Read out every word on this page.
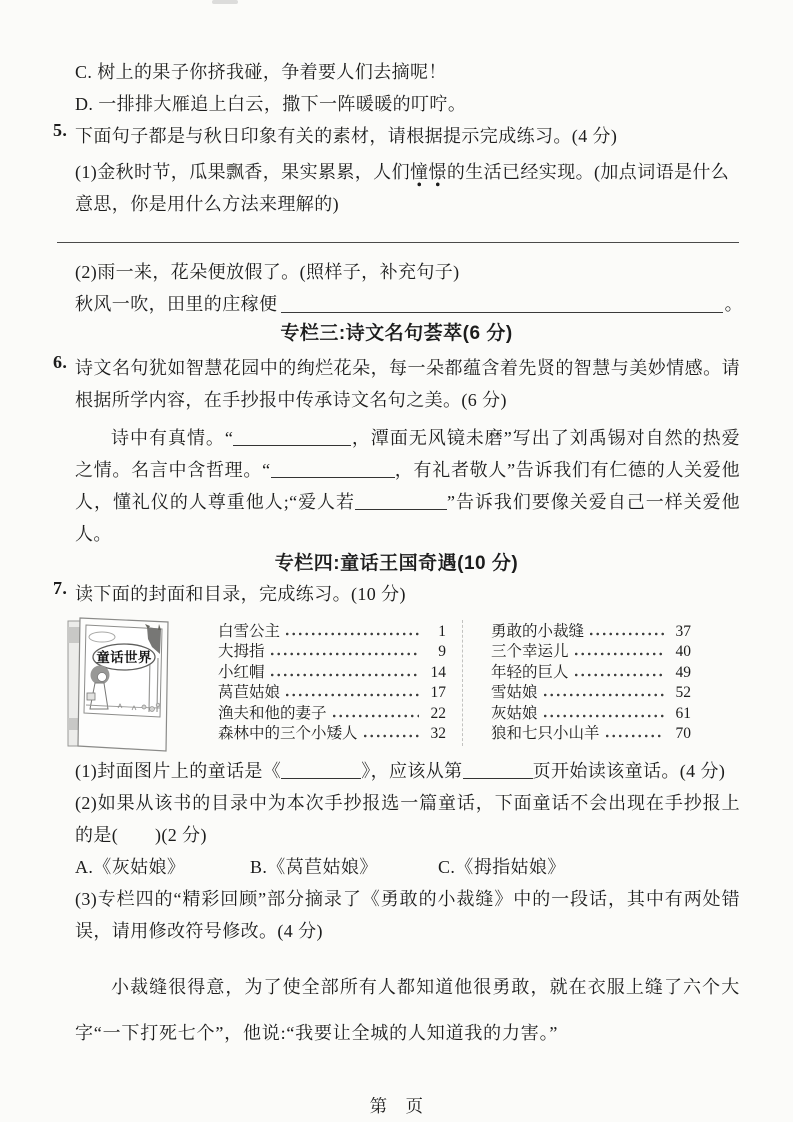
C. 树上的果子你挤我碰，争着要人们去摘呢！
D. 一排排大雁追上白云，撒下一阵暖暖的叮咛。
5. 下面句子都是与秋日印象有关的素材，请根据提示完成练习。(4 分)
(1)金秋时节，瓜果飘香，果实累累，人们憧憬的生活已经实现。(加点词语是什么
意思，你是用什么方法来理解的)
(2)雨一来，花朵便放假了。(照样子，补充句子)
秋风一吹，田里的庄稼便	。
专栏三:诗文名句荟萃(6 分)
6. 诗文名句犹如智慧花园中的绚烂花朵，每一朵都蕴含着先贤的智慧与美妙情感。请根据所学内容，在手抄报中传承诗文名句之美。(6 分)
诗中有真情。“	，潭面无风镜未磨”写出了刘禹锡对自然的热爱之情。名言中含哲理。“	，有礼者敬人”告诉我们有仁德的人关爱他人，懂礼仪的人尊重他人;“爱人若	”告诉我们要像关爱自己一样关爱他人。
专栏四:童话王国奇遇(10 分)
7. 读下面的封面和目录，完成练习。(10 分)
童话世界
白雪公主	1
大拇指	9
小红帽	14
莴苣姑娘	17
渔夫和他的妻子	22
森林中的三个小矮人	32
勇敢的小裁缝	37
三个幸运儿	40
年轻的巨人	49
雪姑娘	52
灰姑娘	61
狼和七只小山羊	70
(1)封面图片上的童话是《	》，应该从第	页开始读该童话。(4 分)
(2)如果从该书的目录中为本次手抄报选一篇童话，下面童话不会出现在手抄报上的是(　　)(2 分)
A.《灰姑娘》	B.《莴苣姑娘》	C.《拇指姑娘》
(3)专栏四的“精彩回顾”部分摘录了《勇敢的小裁缝》中的一段话，其中有两处错误，请用修改符号修改。(4 分)
小裁缝很得意，为了使全部所有人都知道他很勇敢，就在衣服上缝了六个大字“一下打死七个”，他说:“我要让全城的人知道我的力害。”
第　页
